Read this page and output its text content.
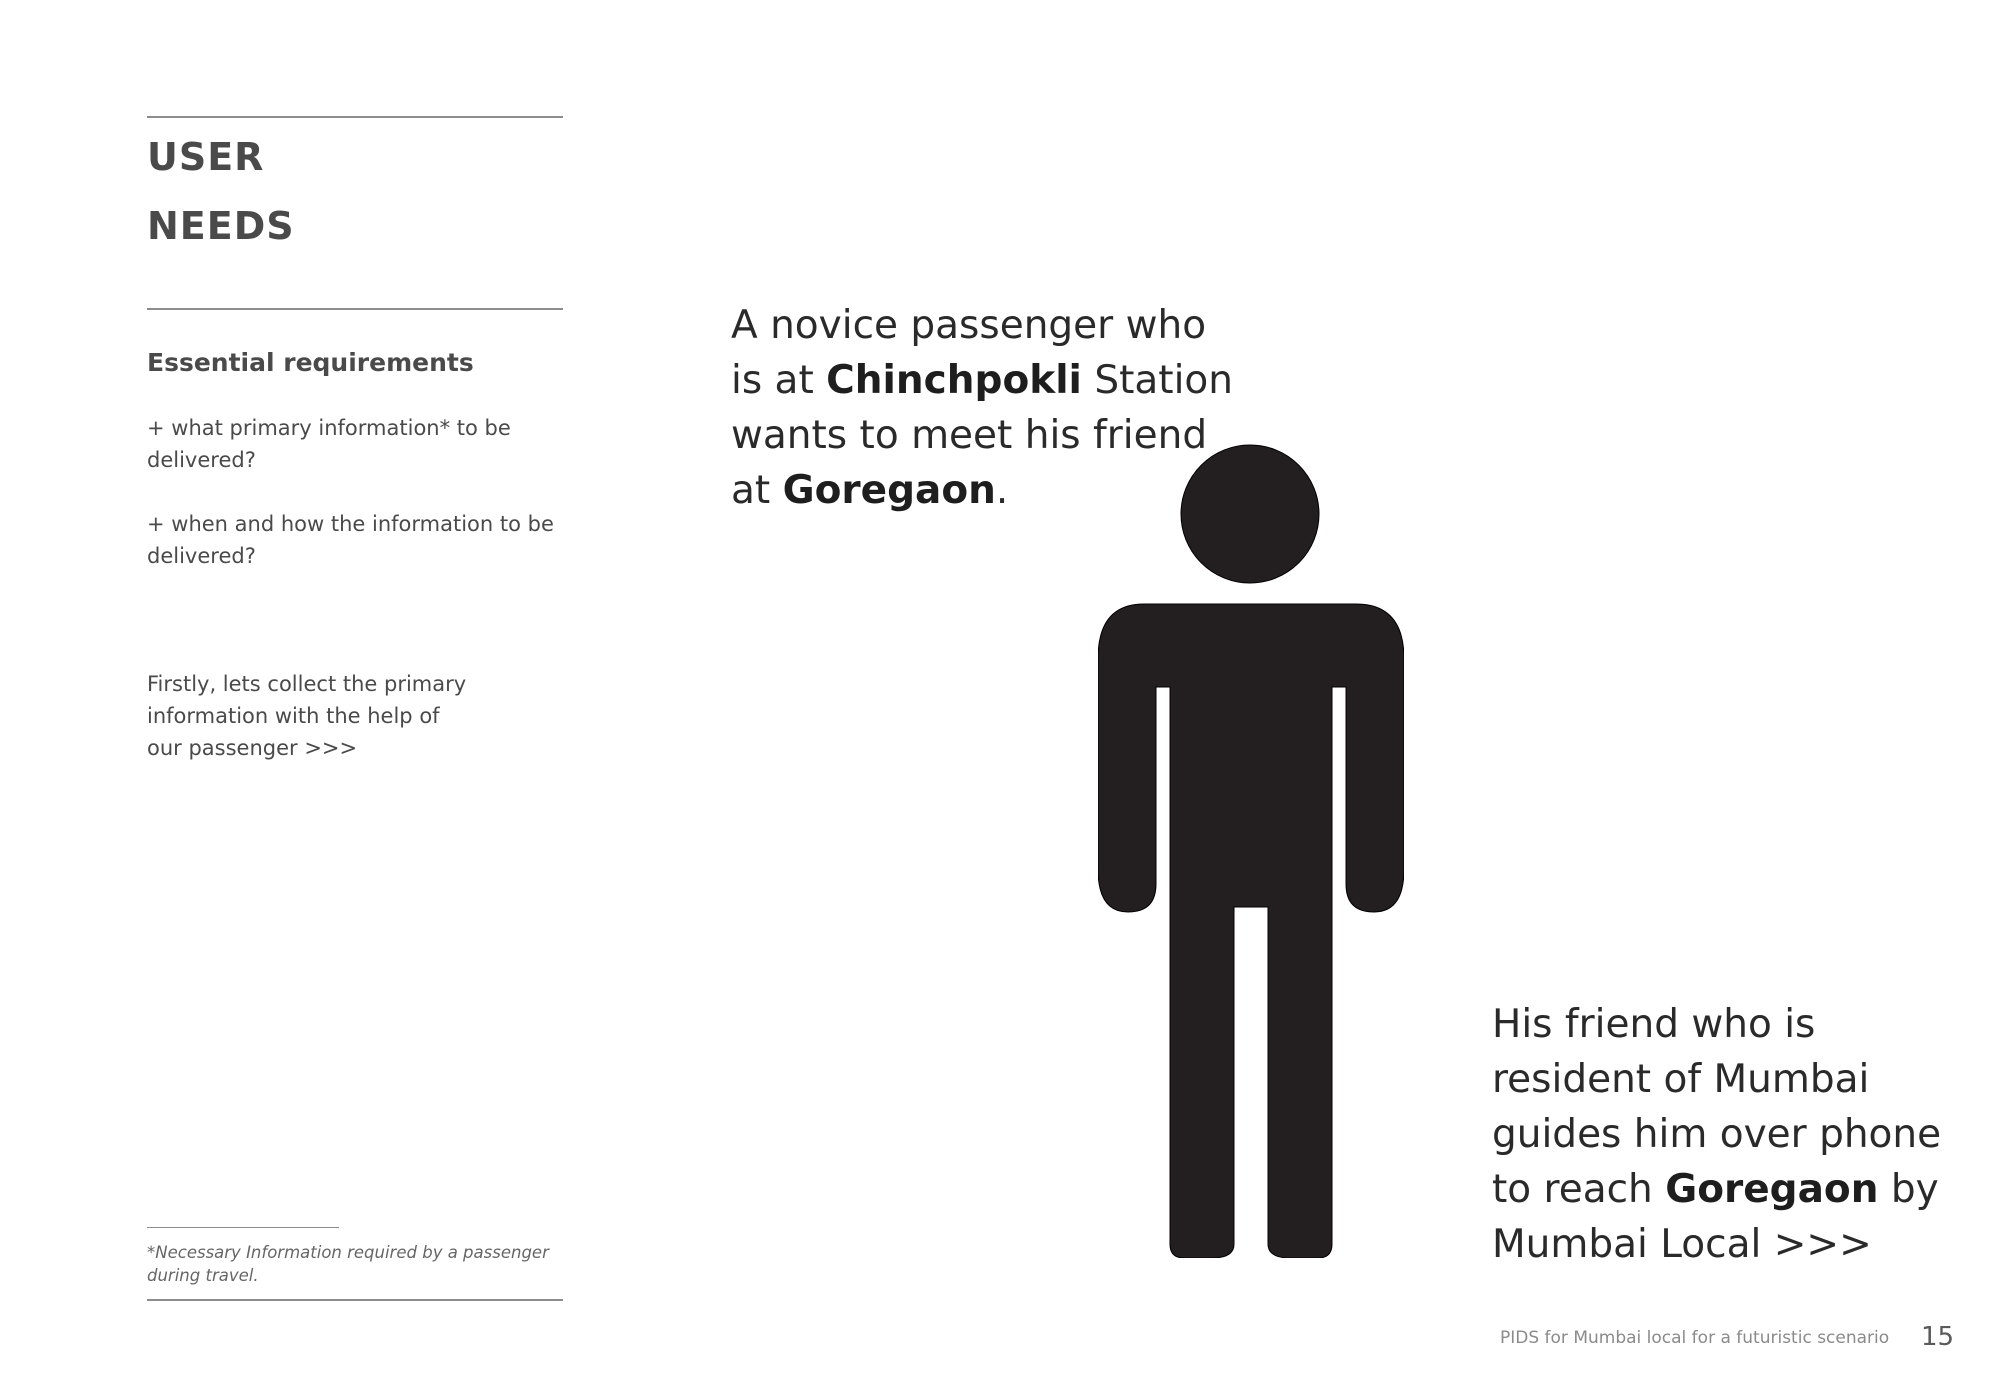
USER
NEEDS
Essential requirements
+ what primary information* to be
delivered?
+ when and how the information to be
delivered?
Firstly, lets collect the primary
information with the help of
our passenger >>>
*Necessary Information required by a passenger
during travel.
A novice passenger who
is at Chinchpokli Station
wants to meet his friend
at Goregaon.
His friend who is
resident of Mumbai
guides him over phone
to reach Goregaon by
Mumbai Local >>>
PIDS for Mumbai local for a futuristic scenario 15
